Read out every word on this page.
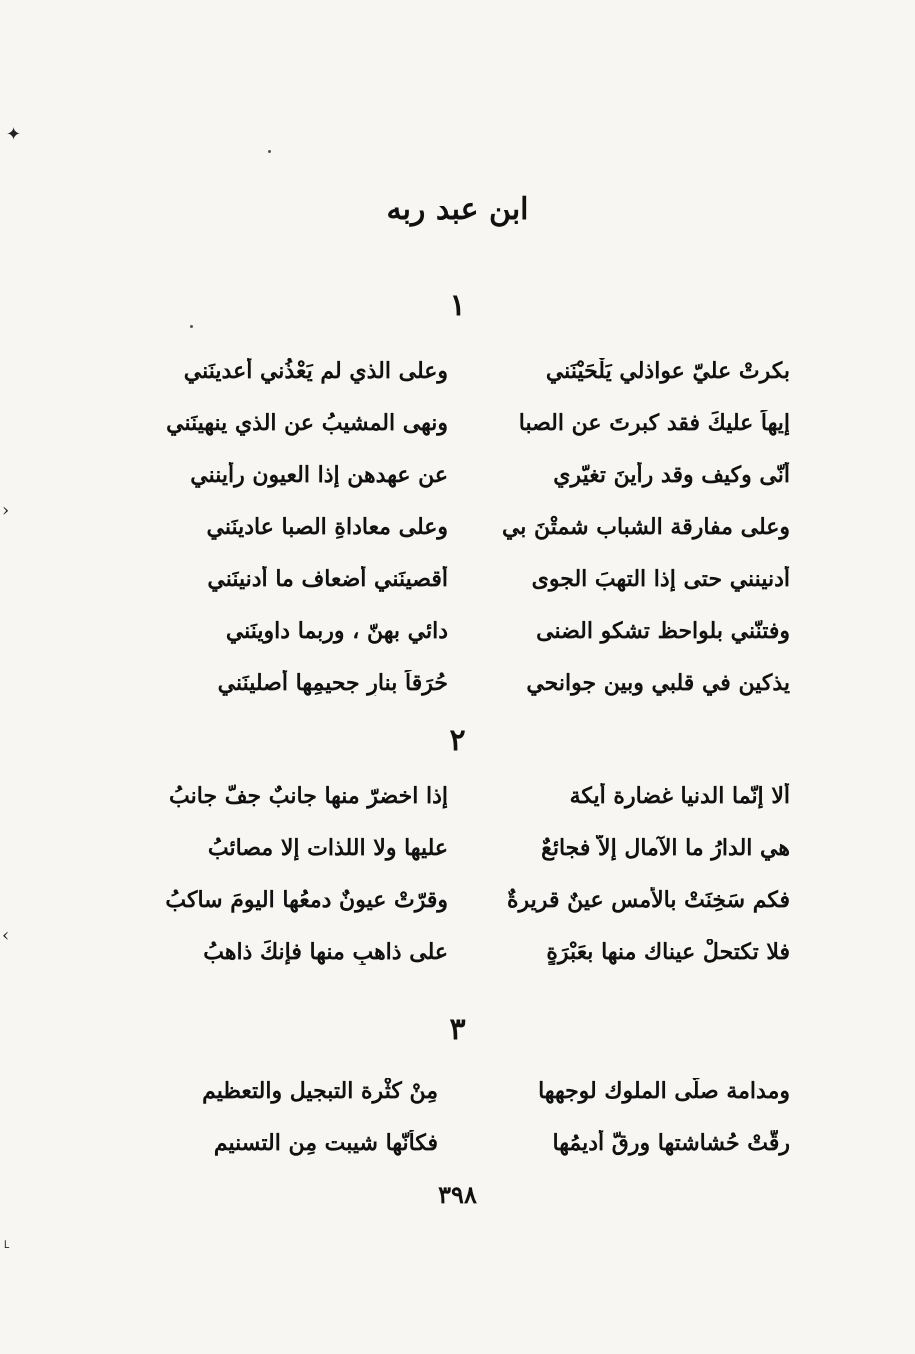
✦
›
‹
˪
ابن عبد ربه
١
بكرتْ عليّ عواذلي يَلْحَيْنَني
وعلى الذي لم يَعْذُني أعدينَني
إيهاً عليكَ فقد كبرتَ عن الصبا
ونهى المشيبُ عن الذي ينهينَني
أنّى وكيف وقد رأينَ تغيّري
عن عهدهن إذا العيون رأينني
وعلى مفارقة الشباب شمتْنَ بي
وعلى معاداةِ الصبا عادينَني
أدنينني حتى إذا التهبَ الجوى
أقصينَني أضعاف ما أدنينَني
وفتنّني بلواحظ تشكو الضنى
دائي بهنّ ، وربما داوينَني
يذكين في قلبي وبين جوانحي
حُرَقاً بنارِ جحيمِها أصلينَني
٢
ألا إنّما الدنيا غضارة أيكة
إذا اخضرّ منها جانبٌ جفّ جانبُ
هي الدارُ ما الآمال إلاّ فجائعٌ
عليها ولا اللذات إلا مصائبُ
فكم سَخِنَتْ بالأمس عينٌ قريرةٌ
وقرّتْ عيونٌ دمعُها اليومَ ساكبُ
فلا تكتحلْ عيناك منها بعَبْرَةٍ
على ذاهبٍ منها فإنكَ ذاهبُ
٣
ومدامة صلّى الملوك لوجهها
مِنْ كثْرة التبجيل والتعظيمِ
رقّتْ حُشاشتها ورقّ أديمُها
فكأنّها شيبت مِن التسنيم
٣٩٨
